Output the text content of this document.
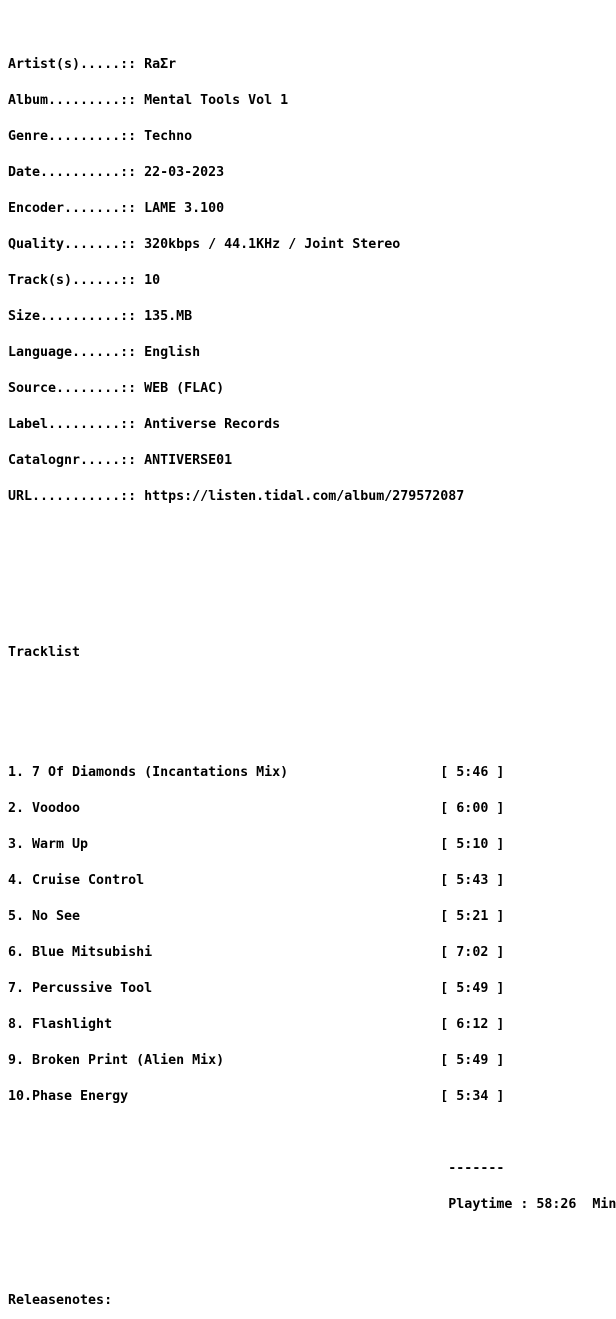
Artist(s).....:: RaΣr

Album.........:: Mental Tools Vol 1

Genre.........:: Techno

Date..........:: 22-03-2023

Encoder.......:: LAME 3.100

Quality.......:: 320kbps / 44.1KHz / Joint Stereo

Track(s)......:: 10

Size..........:: 135.MB

Language......:: English

Source........:: WEB (FLAC)

Label.........:: Antiverse Records

Catalognr.....:: ANTIVERSE01

URL...........:: https://listen.tidal.com/album/279572087

Tracklist

1. 7 Of Diamonds (Incantations Mix)                   [ 5:46 ]

2. Voodoo                                             [ 6:00 ]

3. Warm Up                                            [ 5:10 ]

4. Cruise Control                                     [ 5:43 ]

5. No See                                             [ 5:21 ]

6. Blue Mitsubishi                                    [ 7:02 ]

7. Percussive Tool                                    [ 5:49 ]

8. Flashlight                                         [ 6:12 ]

9. Broken Print (Alien Mix)                           [ 5:49 ]

10.Phase Energy                                       [ 5:34 ]

-------

Playtime : 58:26  Min

Releasenotes:
